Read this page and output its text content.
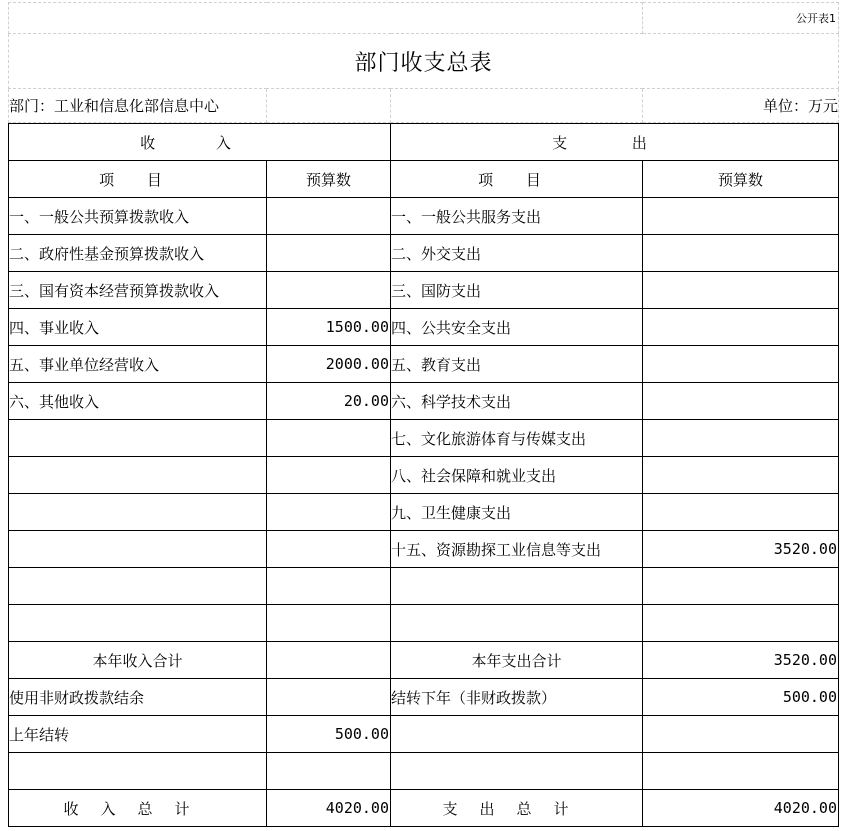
			公开表1
部门收支总表			
部门：工业和信息化部信息中心			单位：万元
收 入		支 出	
项 目	预算数	项 目	预算数
一、一般公共预算拨款收入		一、一般公共服务支出	
二、政府性基金预算拨款收入		二、外交支出	
三、国有资本经营预算拨款收入		三、国防支出	
四、事业收入	1500.00	四、公共安全支出	
五、事业单位经营收入	2000.00	五、教育支出	
六、其他收入	20.00	六、科学技术支出	
		七、文化旅游体育与传媒支出	
		八、社会保障和就业支出	
		九、卫生健康支出	
		十五、资源勘探工业信息等支出	3520.00

本年收入合计		本年支出合计	3520.00
使用非财政拨款结余		结转下年（非财政拨款）	500.00
上年结转	500.00		

收入总计	4020.00	支出总计	4020.00
